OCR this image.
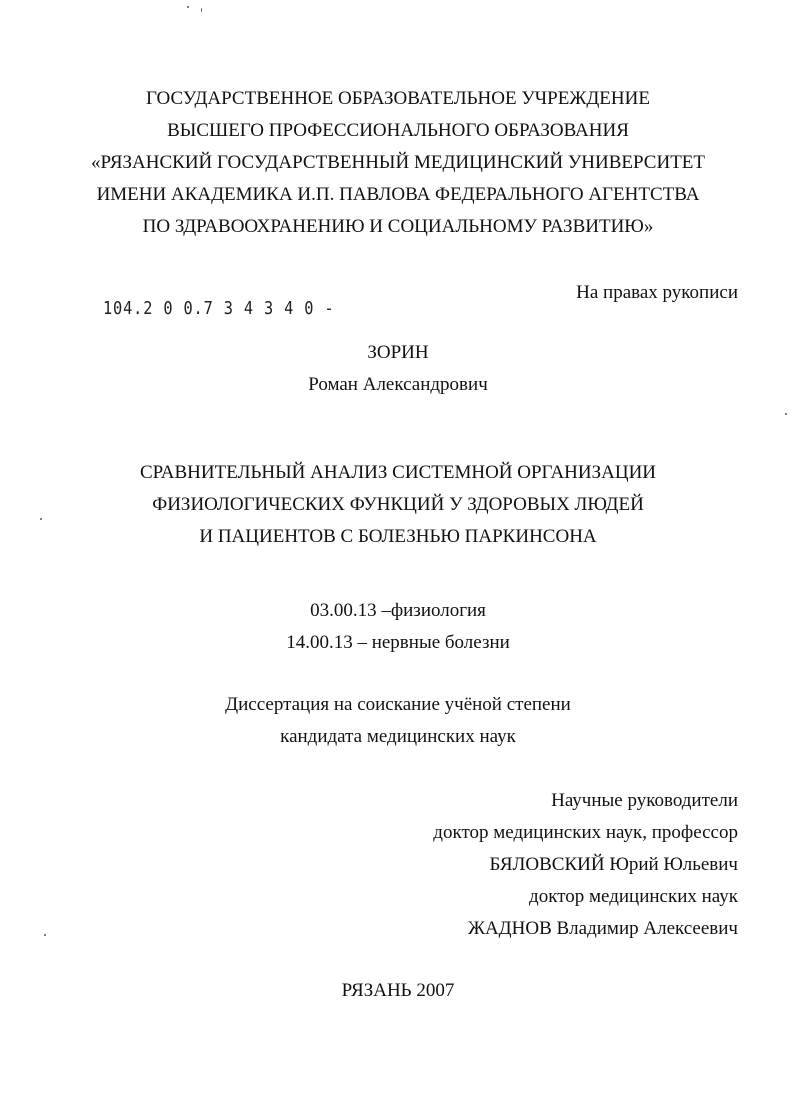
ГОСУДАРСТВЕННОЕ ОБРАЗОВАТЕЛЬНОЕ УЧРЕЖДЕНИЕ
ВЫСШЕГО ПРОФЕССИОНАЛЬНОГО ОБРАЗОВАНИЯ
«РЯЗАНСКИЙ ГОСУДАРСТВЕННЫЙ МЕДИЦИНСКИЙ УНИВЕРСИТЕТ
ИМЕНИ АКАДЕМИКА И.П. ПАВЛОВА ФЕДЕРАЛЬНОГО АГЕНТСТВА
ПО ЗДРАВООХРАНЕНИЮ И СОЦИАЛЬНОМУ РАЗВИТИЮ»
На правах рукописи
104.2 0 0.7 3 4 3 4 0 -
ЗОРИН
Роман Александрович
СРАВНИТЕЛЬНЫЙ АНАЛИЗ СИСТЕМНОЙ ОРГАНИЗАЦИИ
ФИЗИОЛОГИЧЕСКИХ ФУНКЦИЙ У ЗДОРОВЫХ ЛЮДЕЙ
И ПАЦИЕНТОВ С БОЛЕЗНЬЮ ПАРКИНСОНА
03.00.13 –физиология
14.00.13 – нервные болезни
Диссертация на соискание учёной степени
кандидата медицинских наук
Научные руководители
доктор медицинских наук, профессор
БЯЛОВСКИЙ Юрий Юльевич
доктор медицинских наук
ЖАДНОВ Владимир Алексеевич
РЯЗАНЬ 2007
